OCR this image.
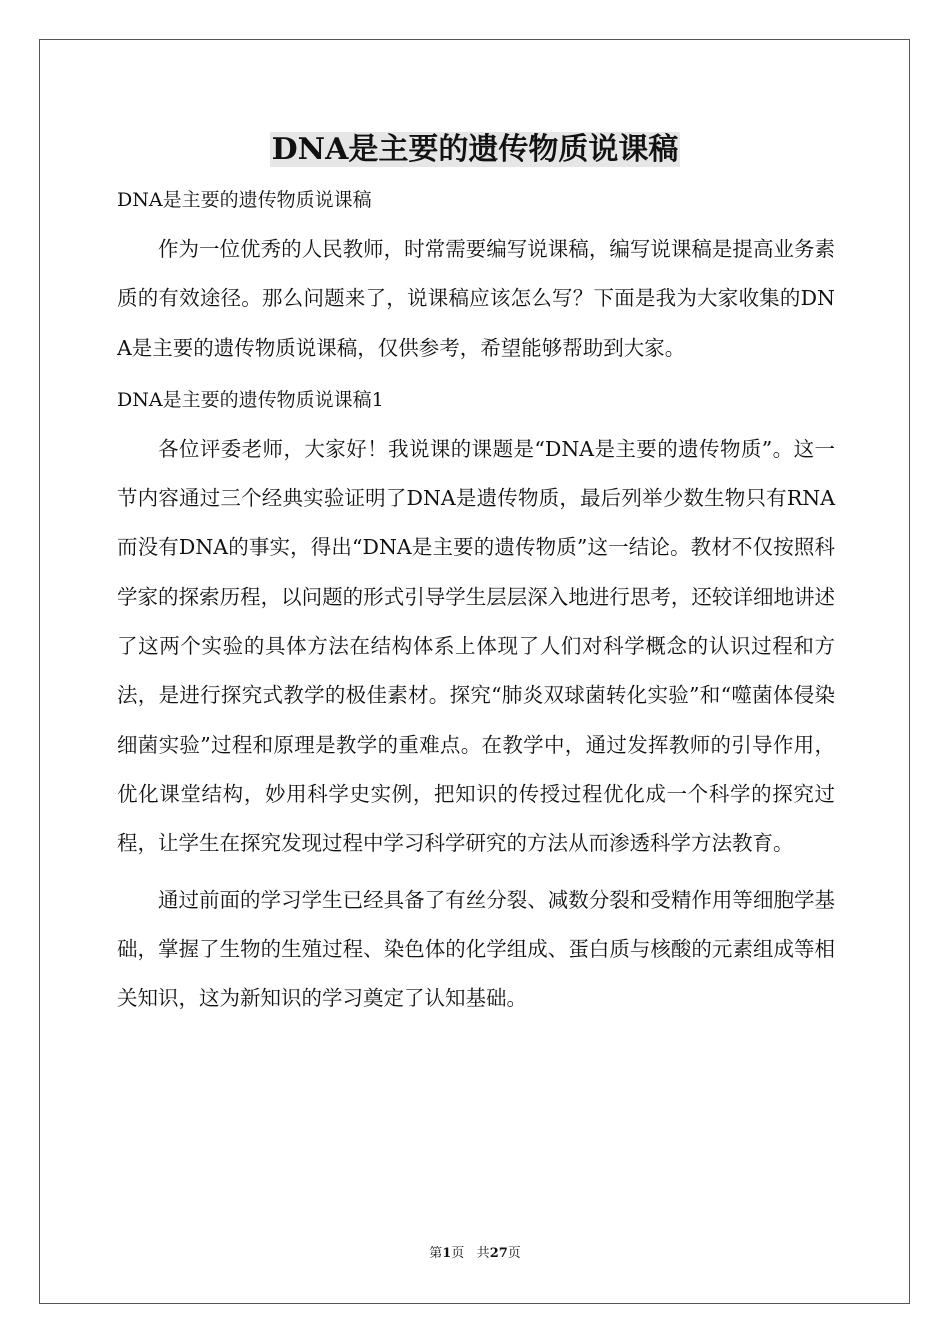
DNA是主要的遗传物质说课稿

DNA是主要的遗传物质说课稿

作为一位优秀的人民教师，时常需要编写说课稿，编写说课稿是提高业务素质的有效途径。那么问题来了，说课稿应该怎么写？下面是我为大家收集的DNA是主要的遗传物质说课稿，仅供参考，希望能够帮助到大家。

DNA是主要的遗传物质说课稿1

各位评委老师，大家好！我说课的课题是“DNA是主要的遗传物质”。这一节内容通过三个经典实验证明了DNA是遗传物质，最后列举少数生物只有RNA而没有DNA的事实，得出“DNA是主要的遗传物质”这一结论。教材不仅按照科学家的探索历程，以问题的形式引导学生层层深入地进行思考，还较详细地讲述了这两个实验的具体方法在结构体系上体现了人们对科学概念的认识过程和方法，是进行探究式教学的极佳素材。探究“肺炎双球菌转化实验”和“噬菌体侵染细菌实验”过程和原理是教学的重难点。在教学中，通过发挥教师的引导作用，优化课堂结构，妙用科学史实例，把知识的传授过程优化成一个科学的探究过程，让学生在探究发现过程中学习科学研究的方法从而渗透科学方法教育。

通过前面的学习学生已经具备了有丝分裂、减数分裂和受精作用等细胞学基础，掌握了生物的生殖过程、染色体的化学组成、蛋白质与核酸的元素组成等相关知识，这为新知识的学习奠定了认知基础。

第1页 共27页
